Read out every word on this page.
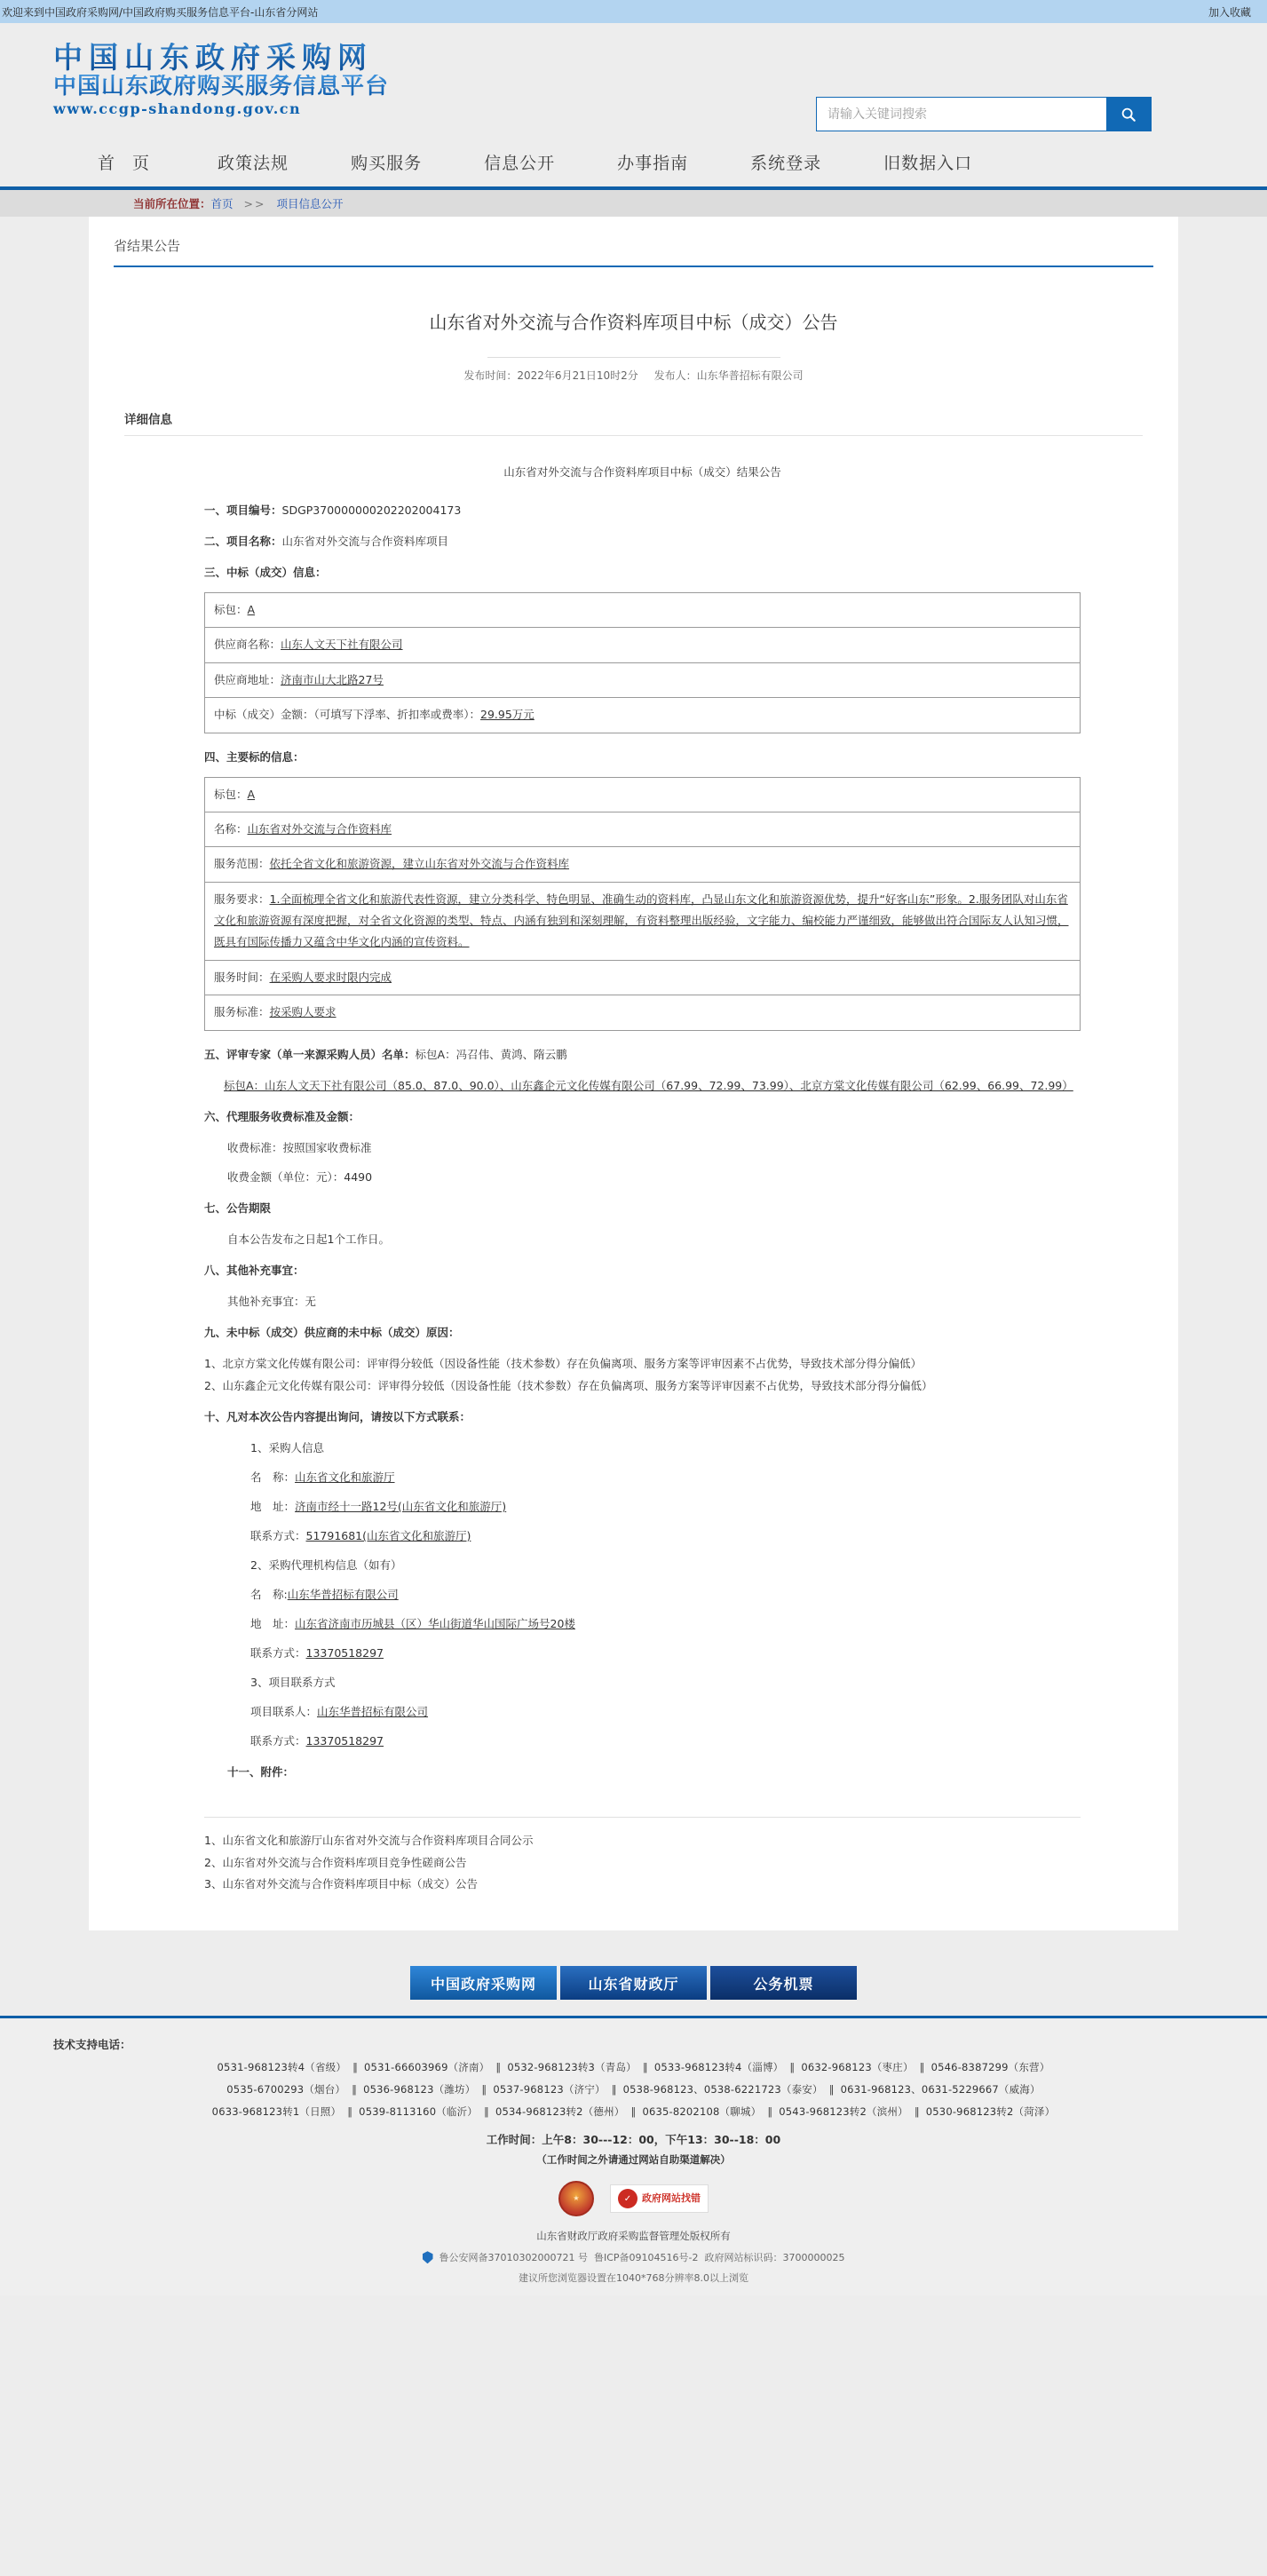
欢迎来到中国政府采购网/中国政府购买服务信息平台-山东省分网站	加入收藏
中国山东政府采购网
中国山东政府购买服务信息平台
www.ccgp-shandong.gov.cn
请输入关键词搜索
首 页	政策法规	购买服务	信息公开	办事指南	系统登录	旧数据入口
当前所在位置： 首页 >> 项目信息公开
省结果公告
山东省对外交流与合作资料库项目中标（成交）公告
发布时间：2022年6月21日10时2分 发布人：山东华普招标有限公司
详细信息
山东省对外交流与合作资料库项目中标（成交）结果公告
一、项目编号：SDGP370000000202202004173
二、项目名称：山东省对外交流与合作资料库项目
三、中标（成交）信息：
标包：A
供应商名称：山东人文天下社有限公司
供应商地址：济南市山大北路27号
中标（成交）金额：（可填写下浮率、折扣率或费率）：29.95万元
四、主要标的信息：
标包：A
名称：山东省对外交流与合作资料库
服务范围：依托全省文化和旅游资源，建立山东省对外交流与合作资料库
服务要求：1.全面梳理全省文化和旅游代表性资源，建立分类科学、特色明显、准确生动的资料库，凸显山东文化和旅游资源优势，提升“好客山东”形象。2.服务团队对山东省文化和旅游资源有深度把握，对全省文化资源的类型、特点、内涵有独到和深刻理解，有资料整理出版经验，文字能力、编校能力严谨细致，能够做出符合国际友人认知习惯，既具有国际传播力又蕴含中华文化内涵的宣传资料。
服务时间：在采购人要求时限内完成
服务标准：按采购人要求
五、评审专家（单一来源采购人员）名单：标包A：冯召伟、黄鸿、隋云鹏
标包A：山东人文天下社有限公司（85.0、87.0、90.0）、山东鑫企元文化传媒有限公司（67.99、72.99、73.99）、北京方棠文化传媒有限公司（62.99、66.99、72.99）
六、代理服务收费标准及金额：
收费标准：按照国家收费标准
收费金额（单位：元）：4490
七、公告期限
自本公告发布之日起1个工作日。
八、其他补充事宜：
其他补充事宜：无
九、未中标（成交）供应商的未中标（成交）原因：
1、北京方棠文化传媒有限公司：评审得分较低（因设备性能（技术参数）存在负偏离项、服务方案等评审因素不占优势，导致技术部分得分偏低）
2、山东鑫企元文化传媒有限公司：评审得分较低（因设备性能（技术参数）存在负偏离项、服务方案等评审因素不占优势，导致技术部分得分偏低）
十、凡对本次公告内容提出询问，请按以下方式联系：
1、采购人信息
名　称：山东省文化和旅游厅
地　址：济南市经十一路12号(山东省文化和旅游厅)
联系方式：51791681(山东省文化和旅游厅)
2、采购代理机构信息（如有）
名　称:山东华普招标有限公司
地　址：山东省济南市历城县（区）华山街道华山国际广场号20楼
联系方式：13370518297
3、项目联系方式
项目联系人：山东华普招标有限公司
联系方式：13370518297
十一、附件：
1、山东省文化和旅游厅山东省对外交流与合作资料库项目合同公示
2、山东省对外交流与合作资料库项目竞争性磋商公告
3、山东省对外交流与合作资料库项目中标（成交）公告
中国政府采购网	山东省财政厅	公务机票
技术支持电话：
0531-968123转4（省级） ‖ 0531-66603969（济南） ‖ 0532-968123转3（青岛） ‖ 0533-968123转4（淄博） ‖ 0632-968123（枣庄） ‖ 0546-8387299（东营）
0535-6700293（烟台） ‖ 0536-968123（潍坊） ‖ 0537-968123（济宁） ‖ 0538-968123、0538-6221723（泰安） ‖ 0631-968123、0631-5229667（威海）
0633-968123转1（日照） ‖ 0539-8113160（临沂） ‖ 0534-968123转2（德州） ‖ 0635-8202108（聊城） ‖ 0543-968123转2（滨州） ‖ 0530-968123转2（菏泽）
工作时间：上午8：30---12：00，下午13：30--18：00
（工作时间之外请通过网站自助渠道解决）
★	✓	政府网站找错
山东省财政厅政府采购监督管理处版权所有
鲁公安网备37010302000721 号 鲁ICP备09104516号-2 政府网站标识码：3700000025
建议所您浏览器设置在1040*768分辨率8.0以上浏览
